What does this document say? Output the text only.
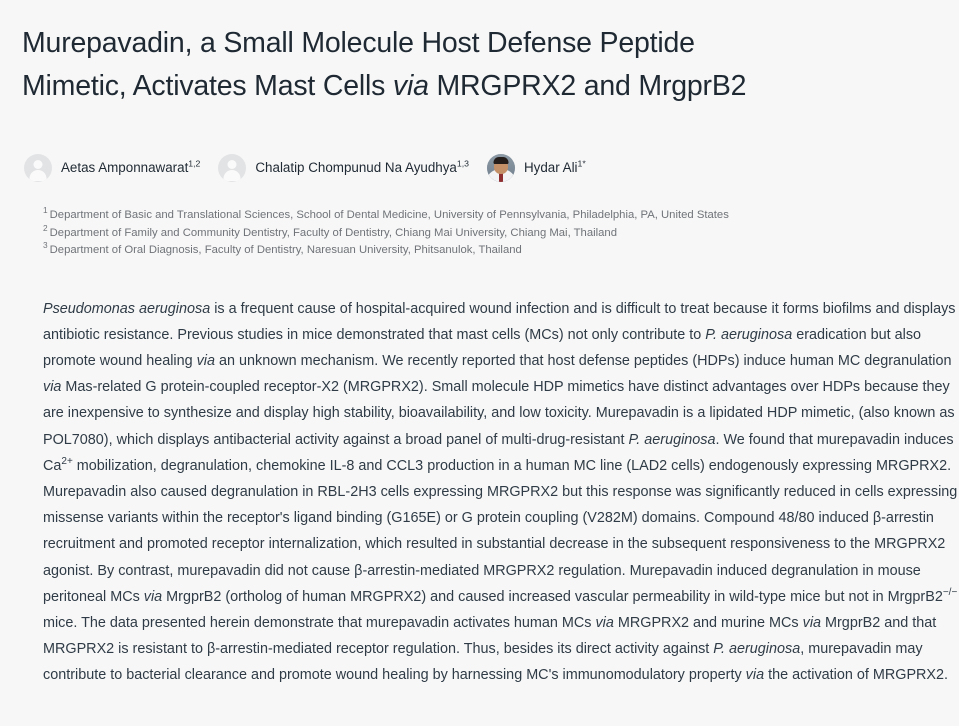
Murepavadin, a Small Molecule Host Defense Peptide
Mimetic, Activates Mast Cells via MRGPRX2 and MrgprB2
Aetas Amponnawarat$^{1,2}$	Chalatip Chompunud Na Ayudhya$^{1,3}$	Hydar Ali$^{1*}$
$^1$ Department of Basic and Translational Sciences, School of Dental Medicine, University of Pennsylvania, Philadelphia, PA, United States
$^2$ Department of Family and Community Dentistry, Faculty of Dentistry, Chiang Mai University, Chiang Mai, Thailand
$^3$ Department of Oral Diagnosis, Faculty of Dentistry, Naresuan University, Phitsanulok, Thailand
Pseudomonas aeruginosa is a frequent cause of hospital-acquired wound infection and is difficult to treat because it forms biofilms and displays antibiotic resistance. Previous studies in mice demonstrated that mast cells (MCs) not only contribute to P. aeruginosa eradication but also promote wound healing via an unknown mechanism. We recently reported that host defense peptides (HDPs) induce human MC degranulation via Mas-related G protein-coupled receptor-X2 (MRGPRX2). Small molecule HDP mimetics have distinct advantages over HDPs because they are inexpensive to synthesize and display high stability, bioavailability, and low toxicity. Murepavadin is a lipidated HDP mimetic, (also known as POL7080), which displays antibacterial activity against a broad panel of multi-drug-resistant P. aeruginosa. We found that murepavadin induces $Ca^{2+}$ mobilization, degranulation, chemokine IL-8 and CCL3 production in a human MC line (LAD2 cells) endogenously expressing MRGPRX2. Murepavadin also caused degranulation in RBL-2H3 cells expressing MRGPRX2 but this response was significantly reduced in cells expressing missense variants within the receptor's ligand binding (G165E) or G protein coupling (V282M) domains. Compound 48/80 induced β-arrestin recruitment and promoted receptor internalization, which resulted in substantial decrease in the subsequent responsiveness to the MRGPRX2 agonist. By contrast, murepavadin did not cause β-arrestin-mediated MRGPRX2 regulation. Murepavadin induced degranulation in mouse peritoneal MCs via MrgprB2 (ortholog of human MRGPRX2) and caused increased vascular permeability in wild-type mice but not in MrgprB2−/− mice. The data presented herein demonstrate that murepavadin activates human MCs via MRGPRX2 and murine MCs via MrgprB2 and that MRGPRX2 is resistant to β-arrestin-mediated receptor regulation. Thus, besides its direct activity against P. aeruginosa, murepavadin may contribute to bacterial clearance and promote wound healing by harnessing MC's immunomodulatory property via the activation of MRGPRX2.
